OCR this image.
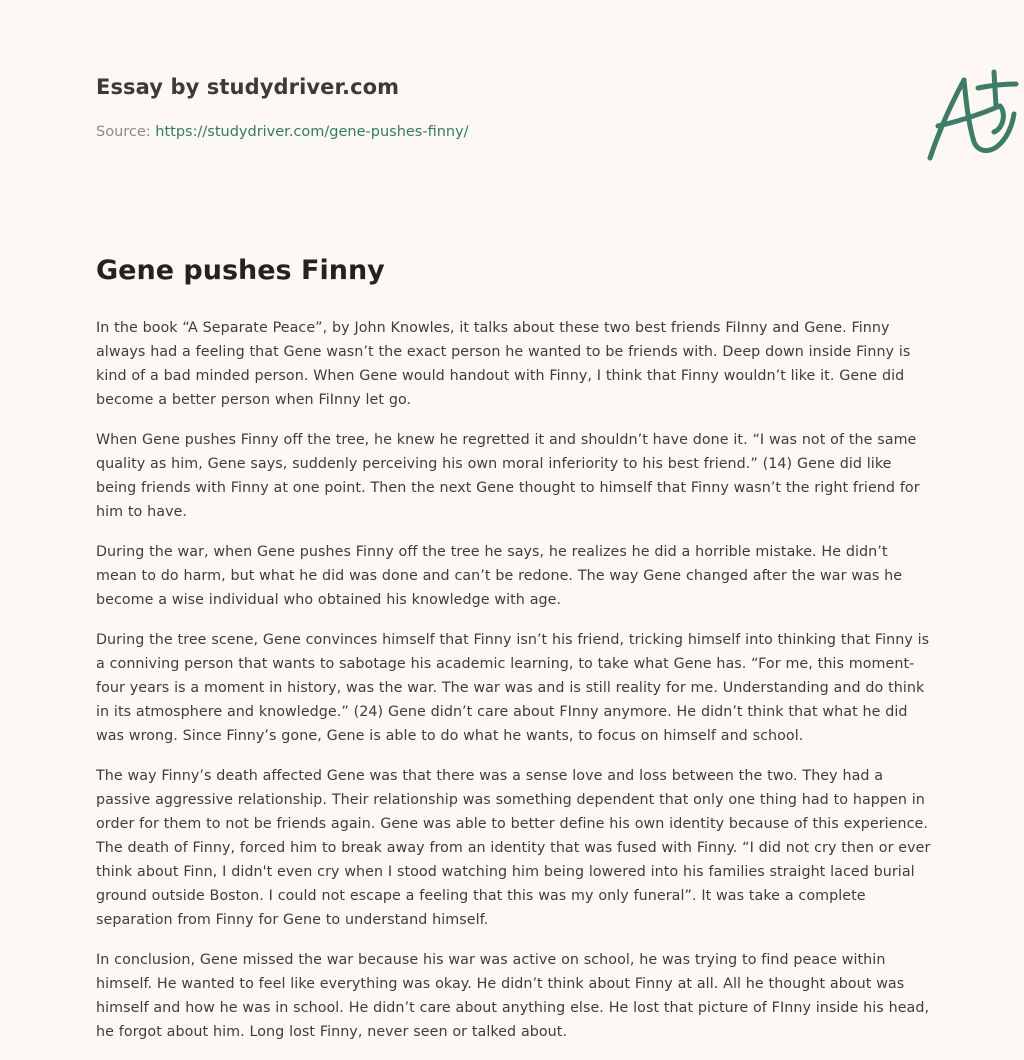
Essay by studydriver.com
Source: https://studydriver.com/gene-pushes-finny/
Gene pushes Finny

In the book “A Separate Peace”, by John Knowles, it talks about these two best friends FiInny and Gene. Finny always had a feeling that Gene wasn’t the exact person he wanted to be friends with. Deep down inside Finny is kind of a bad minded person. When Gene would handout with Finny, I think that Finny wouldn’t like it. Gene did become a better person when FiInny let go.

When Gene pushes Finny off the tree, he knew he regretted it and shouldn’t have done it. “I was not of the same quality as him, Gene says, suddenly perceiving his own moral inferiority to his best friend.” (14) Gene did like being friends with Finny at one point. Then the next Gene thought to himself that Finny wasn’t the right friend for him to have.

During the war, when Gene pushes Finny off the tree he says, he realizes he did a horrible mistake. He didn’t mean to do harm, but what he did was done and can’t be redone. The way Gene changed after the war was he become a wise individual who obtained his knowledge with age.

During the tree scene, Gene convinces himself that Finny isn’t his friend, tricking himself into thinking that Finny is a conniving person that wants to sabotage his academic learning, to take what Gene has. “For me, this moment-four years is a moment in history, was the war. The war was and is still reality for me. Understanding and do think in its atmosphere and knowledge.” (24) Gene didn’t care about FInny anymore. He didn’t think that what he did was wrong. Since Finny’s gone, Gene is able to do what he wants, to focus on himself and school.

The way Finny’s death affected Gene was that there was a sense love and loss between the two. They had a passive aggressive relationship. Their relationship was something dependent that only one thing had to happen in order for them to not be friends again. Gene was able to better define his own identity because of this experience. The death of Finny, forced him to break away from an identity that was fused with Finny. “I did not cry then or ever think about Finn, I didn't even cry when I stood watching him being lowered into his families straight laced burial ground outside Boston. I could not escape a feeling that this was my only funeral”. It was take a complete separation from Finny for Gene to understand himself.

In conclusion, Gene missed the war because his war was active on school, he was trying to find peace within himself. He wanted to feel like everything was okay. He didn’t think about Finny at all. All he thought about was himself and how he was in school. He didn’t care about anything else. He lost that picture of FInny inside his head, he forgot about him. Long lost Finny, never seen or talked about.
